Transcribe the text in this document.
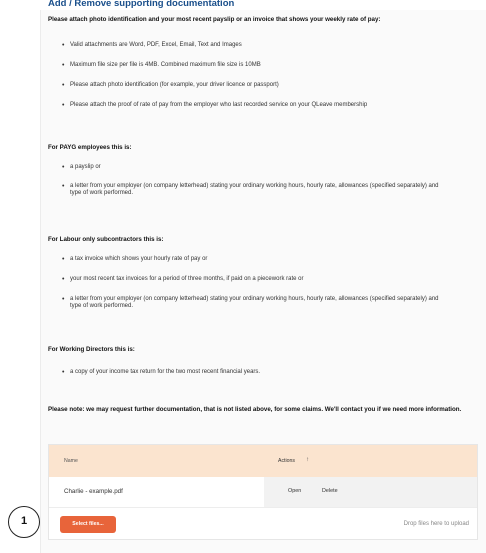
Add / Remove supporting documentation
Please attach photo identification and your most recent payslip or an invoice that shows your weekly rate of pay:
• Valid attachments are Word, PDF, Excel, Email, Text and Images
• Maximum file size per file is 4MB. Combined maximum file size is 10MB
• Please attach photo identification (for example, your driver licence or passport)
• Please attach the proof of rate of pay from the employer who last recorded service on your QLeave membership
For PAYG employees this is:
• a payslip or
• a letter from your employer (on company letterhead) stating your ordinary working hours, hourly rate, allowances (specified separately) and type of work performed.
For Labour only subcontractors this is:
• a tax invoice which shows your hourly rate of pay or
• your most recent tax invoices for a period of three months, if paid on a piecework rate or
• a letter from your employer (on company letterhead) stating your ordinary working hours, hourly rate, allowances (specified separately) and type of work performed.
For Working Directors this is:
• a copy of your income tax return for the two most recent financial years.
Please note: we may request further documentation, that is not listed above, for some claims. We'll contact you if we need more information.
Name	Actions ↑
Charlie - example.pdf	Open	Delete
Select files...	Drop files here to upload
1
